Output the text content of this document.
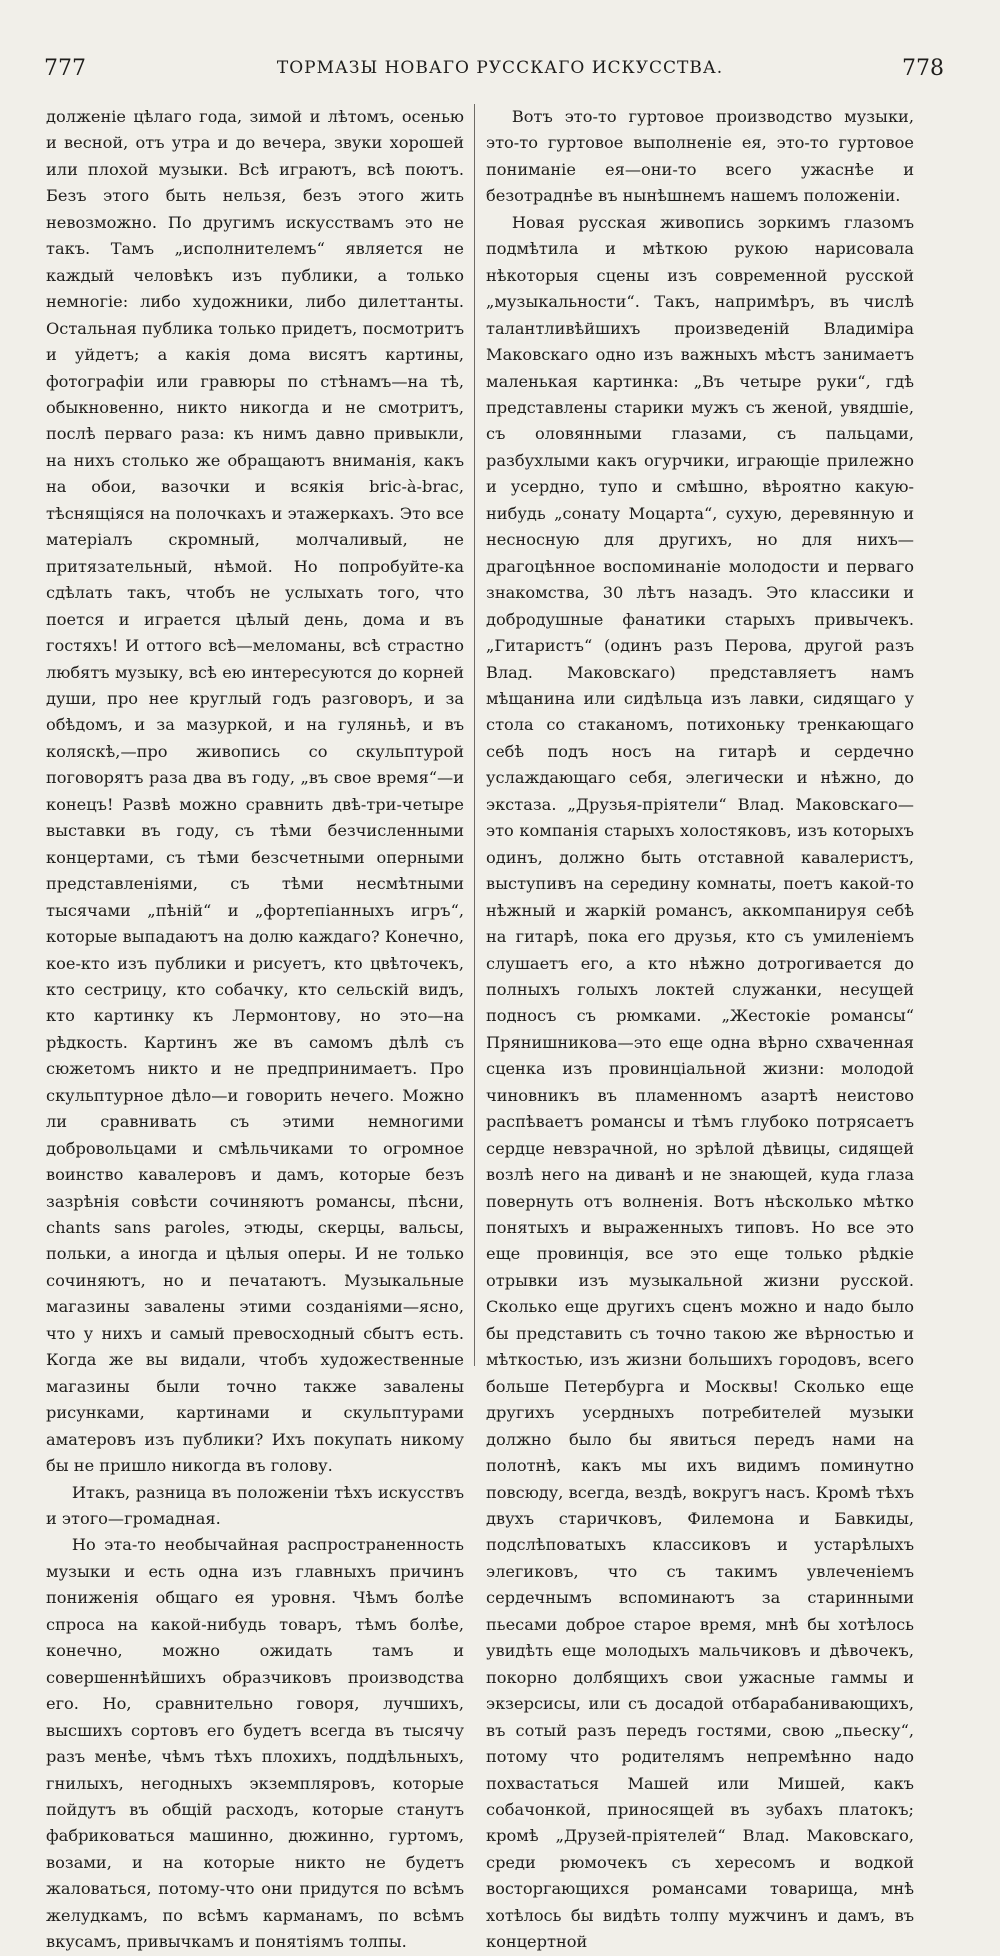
777	ТОРМАЗЫ НОВАГО РУССКАГО ИСКУССТВА.	778

долженіе цѣлаго года, зимой и лѣтомъ, осенью и весной, отъ утра и до вечера, звуки хорошей или плохой музыки. Всѣ играютъ, всѣ поютъ. Безъ этого быть нельзя, безъ этого жить невозможно. По другимъ искусствамъ это не такъ. Тамъ „исполнителемъ“ является не каждый человѣкъ изъ публики, а только немногіе: либо художники, либо дилеттанты. Остальная публика только придетъ, посмотритъ и уйдетъ; а какія дома висятъ картины, фотографіи или гравюры по стѣнамъ—на тѣ, обыкновенно, никто никогда и не смотритъ, послѣ перваго раза: къ нимъ давно привыкли, на нихъ столько же обращаютъ вниманія, какъ на обои, вазочки и всякія bric-à-brac, тѣснящіяся на полочкахъ и этажеркахъ. Это все матеріалъ скромный, молчаливый, не притязательный, нѣмой. Но попробуйте-ка сдѣлать такъ, чтобъ не услыхать того, что поется и играется цѣлый день, дома и въ гостяхъ! И оттого всѣ—меломаны, всѣ страстно любятъ музыку, всѣ ею интересуются до корней души, про нее круглый годъ разговоръ, и за обѣдомъ, и за мазуркой, и на гуляньѣ, и въ коляскѣ,—про живопись со скульптурой поговорятъ раза два въ году, „въ свое время“—и конецъ! Развѣ можно сравнить двѣ-три-четыре выставки въ году, съ тѣми безчисленными концертами, съ тѣми безсчетными оперными представленіями, съ тѣми несмѣтными тысячами „пѣній“ и „фортепіанныхъ игръ“, которые выпадаютъ на долю каждаго? Конечно, кое-кто изъ публики и рисуетъ, кто цвѣточекъ, кто сестрицу, кто собачку, кто сельскій видъ, кто картинку къ Лермонтову, но это—на рѣдкость. Картинъ же въ самомъ дѣлѣ съ сюжетомъ никто и не предпринимаетъ. Про скульптурное дѣло—и говорить нечего. Можно ли сравнивать съ этими немногими добровольцами и смѣльчиками то огромное воинство кавалеровъ и дамъ, которые безъ зазрѣнія совѣсти сочиняютъ романсы, пѣсни, chants sans paroles, этюды, скерцы, вальсы, польки, а иногда и цѣлыя оперы. И не только сочиняютъ, но и печатаютъ. Музыкальные магазины завалены этими созданіями—ясно, что у нихъ и самый превосходный сбытъ есть. Когда же вы видали, чтобъ художественные магазины были точно также завалены рисунками, картинами и скульптурами аматеровъ изъ публики? Ихъ покупать никому бы не пришло никогда въ голову.

Итакъ, разница въ положеніи тѣхъ искусствъ и этого—громадная.

Но эта-то необычайная распространенность музыки и есть одна изъ главныхъ причинъ пониженія общаго ея уровня. Чѣмъ болѣе спроса на какой-нибудь товаръ, тѣмъ болѣе, конечно, можно ожидать тамъ и совершеннѣйшихъ образчиковъ производства его. Но, сравнительно говоря, лучшихъ, высшихъ сортовъ его будетъ всегда въ тысячу разъ менѣе, чѣмъ тѣхъ плохихъ, поддѣльныхъ, гнилыхъ, негодныхъ экземпляровъ, которые пойдутъ въ общій расходъ, которые станутъ фабриковаться машинно, дюжинно, гуртомъ, возами, и на которые никто не будетъ жаловаться, потому-что они придутся по всѣмъ желудкамъ, по всѣмъ карманамъ, по всѣмъ вкусамъ, привычкамъ и понятіямъ толпы.

Вотъ это-то гуртовое производство музыки, это-то гуртовое выполненіе ея, это-то гуртовое пониманіе ея—они-то всего ужаснѣе и безотраднѣе въ нынѣшнемъ нашемъ положеніи.

Новая русская живопись зоркимъ глазомъ подмѣтила и мѣткою рукою нарисовала нѣкоторыя сцены изъ современной русской „музыкальности“. Такъ, напримѣръ, въ числѣ талантливѣйшихъ произведеній Владиміра Маковскаго одно изъ важныхъ мѣстъ занимаетъ маленькая картинка: „Въ четыре руки“, гдѣ представлены старики мужъ съ женой, увядшіе, съ оловянными глазами, съ пальцами, разбухлыми какъ огурчики, играющіе прилежно и усердно, тупо и смѣшно, вѣроятно какую-нибудь „сонату Моцарта“, сухую, деревянную и несносную для другихъ, но для нихъ—драгоцѣнное воспоминаніе молодости и перваго знакомства, 30 лѣтъ назадъ. Это классики и добродушные фанатики старыхъ привычекъ. „Гитаристъ“ (одинъ разъ Перова, другой разъ Влад. Маковскаго) представляетъ намъ мѣщанина или сидѣльца изъ лавки, сидящаго у стола со стаканомъ, потихоньку тренкающаго себѣ подъ носъ на гитарѣ и сердечно услаждающаго себя, элегически и нѣжно, до экстаза. „Друзья-пріятели“ Влад. Маковскаго—это компанія старыхъ холостяковъ, изъ которыхъ одинъ, должно быть отставной кавалеристъ, выступивъ на середину комнаты, поетъ какой-то нѣжный и жаркій романсъ, аккомпанируя себѣ на гитарѣ, пока его друзья, кто съ умиленіемъ слушаетъ его, а кто нѣжно дотрогивается до полныхъ голыхъ локтей служанки, несущей подносъ съ рюмками. „Жестокіе романсы“ Прянишникова—это еще одна вѣрно схваченная сценка изъ провинціальной жизни: молодой чиновникъ въ пламенномъ азартѣ неистово распѣваетъ романсы и тѣмъ глубоко потрясаетъ сердце невзрачной, но зрѣлой дѣвицы, сидящей возлѣ него на диванѣ и не знающей, куда глаза повернуть отъ волненія. Вотъ нѣсколько мѣтко понятыхъ и выраженныхъ типовъ. Но все это еще провинція, все это еще только рѣдкіе отрывки изъ музыкальной жизни русской. Сколько еще другихъ сценъ можно и надо было бы представить съ точно такою же вѣрностью и мѣткостью, изъ жизни большихъ городовъ, всего больше Петербурга и Москвы! Сколько еще другихъ усердныхъ потребителей музыки должно было бы явиться передъ нами на полотнѣ, какъ мы ихъ видимъ поминутно повсюду, всегда, вездѣ, вокругъ насъ. Кромѣ тѣхъ двухъ старичковъ, Филемона и Бавкиды, подслѣповатыхъ классиковъ и устарѣлыхъ элегиковъ, что съ такимъ увлеченіемъ сердечнымъ вспоминаютъ за старинными пьесами доброе старое время, мнѣ бы хотѣлось увидѣть еще молодыхъ мальчиковъ и дѣвочекъ, покорно долбящихъ свои ужасные гаммы и экзерсисы, или съ досадой отбарабанивающихъ, въ сотый разъ передъ гостями, свою „пьеску“, потому что родителямъ непремѣнно надо похвастаться Машей или Мишей, какъ собачонкой, приносящей въ зубахъ платокъ; кромѣ „Друзей-пріятелей“ Влад. Маковскаго, среди рюмочекъ съ хересомъ и водкой восторгающихся романсами товарища, мнѣ хотѣлось бы видѣть толпу мужчинъ и дамъ, въ концертной
